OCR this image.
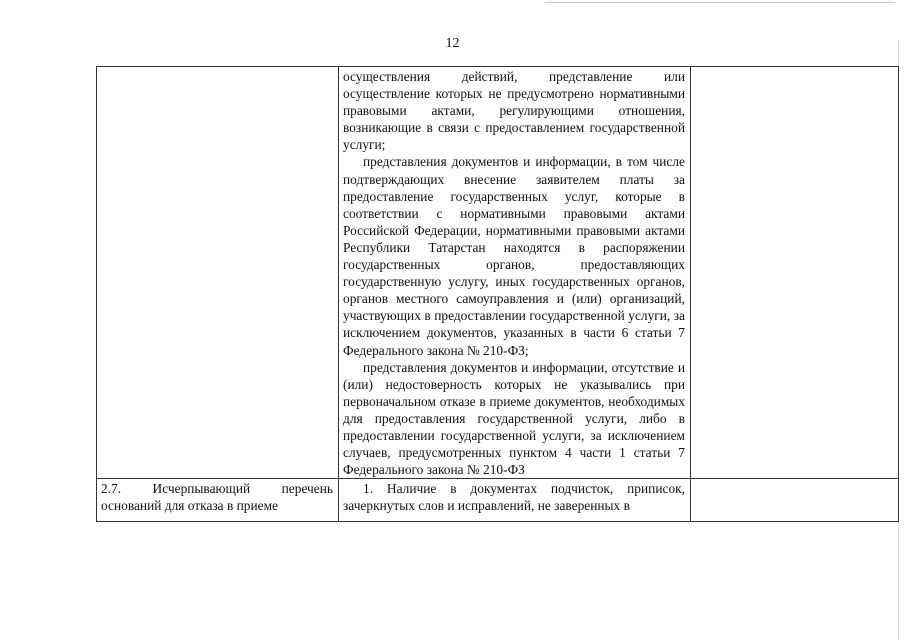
12

	осуществления действий, представление или осуществление которых не предусмотрено нормативными правовыми актами, регулирующими отношения, возникающие в связи с предоставлением государственной услуги;
представления документов и информации, в том числе подтверждающих внесение заявителем платы за предоставление государственных услуг, которые в соответствии с нормативными правовыми актами Российской Федерации, нормативными правовыми актами Республики Татарстан находятся в распоряжении государственных органов, предоставляющих государственную услугу, иных государственных органов, органов местного самоуправления и (или) организаций, участвующих в предоставлении государственной услуги, за исключением документов, указанных в части 6 статьи 7 Федерального закона № 210-ФЗ;
представления документов и информации, отсутствие и (или) недостоверность которых не указывались при первоначальном отказе в приеме документов, необходимых для предоставления государственной услуги, либо в предоставлении государственной услуги, за исключением случаев, предусмотренных пунктом 4 части 1 статьи 7 Федерального закона № 210-ФЗ	

2.7. Исчерпывающий перечень оснований для отказа в приеме	1. Наличие в документах подчисток, приписок, зачеркнутых слов и исправлений, не заверенных в	
